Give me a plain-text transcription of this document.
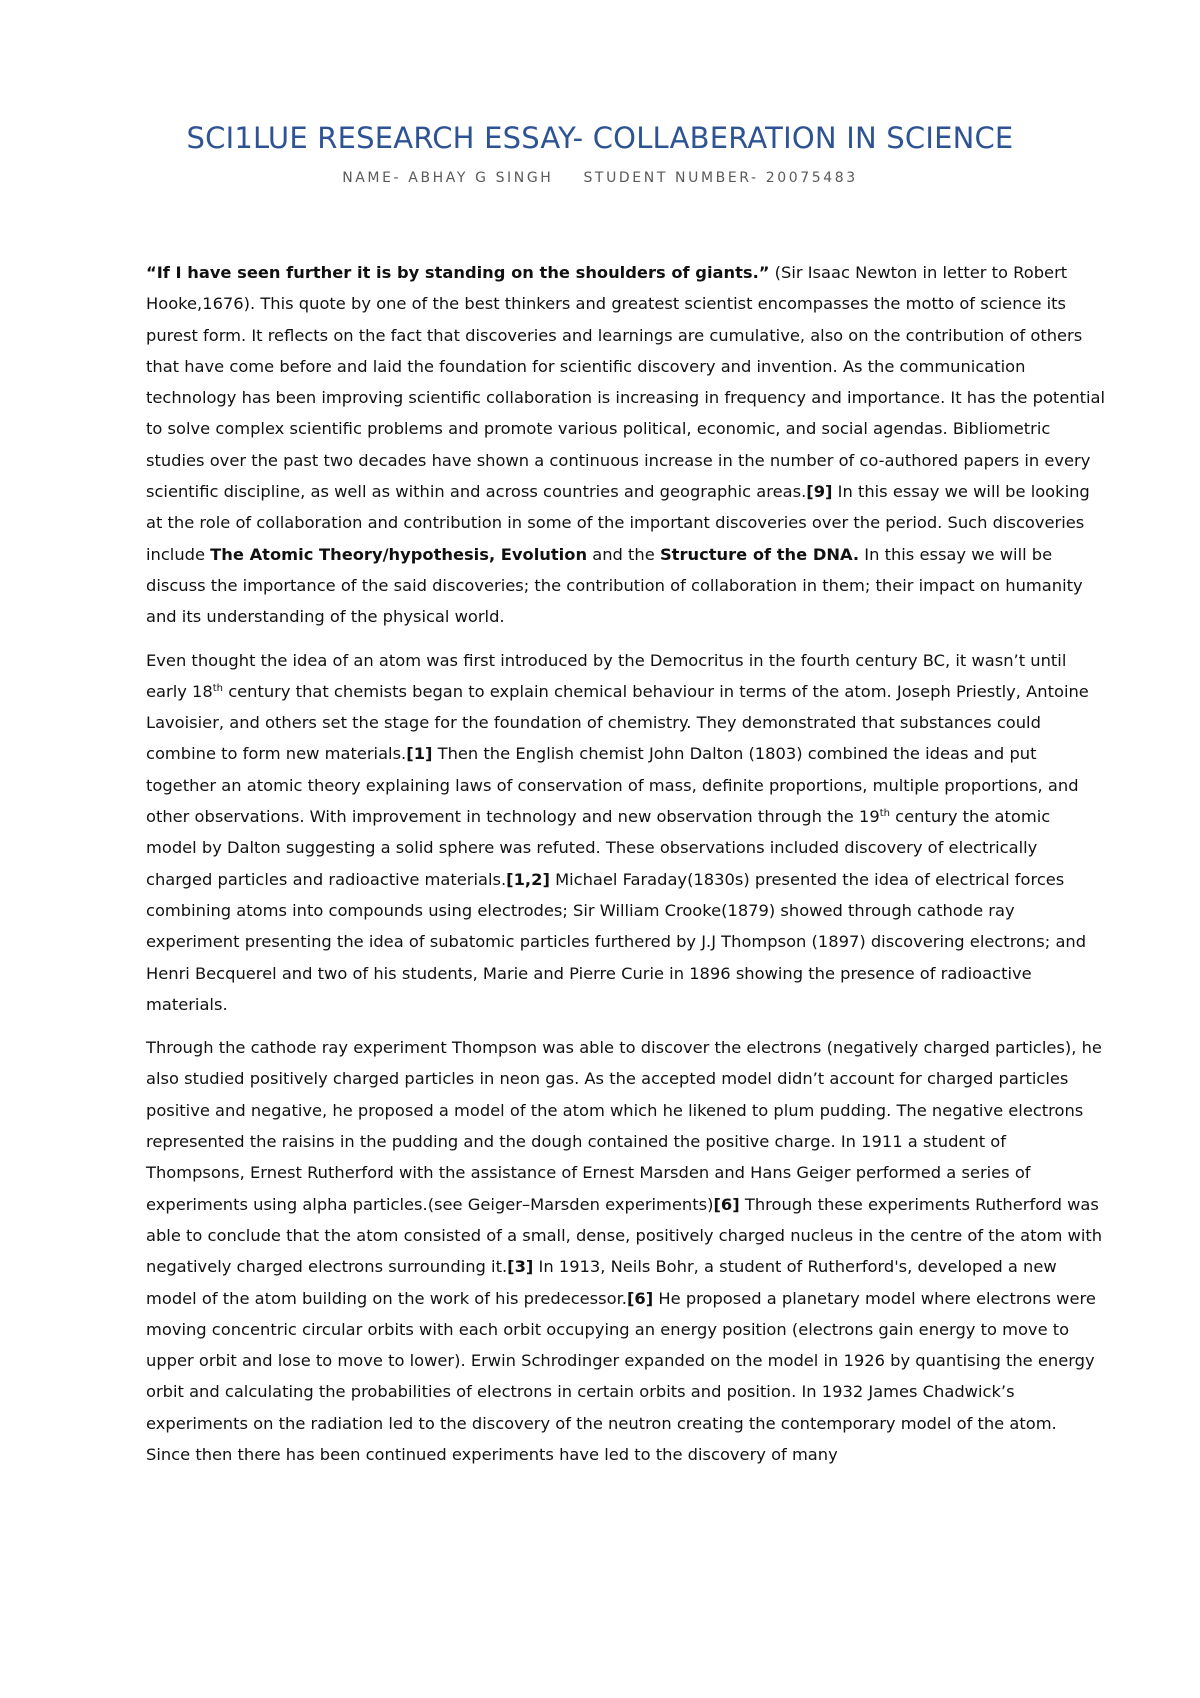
SCI1LUE RESEARCH ESSAY- COLLABERATION IN SCIENCE
NAME- ABHAY G SINGH STUDENT NUMBER- 20075483

“If I have seen further it is by standing on the shoulders of giants.” (Sir Isaac Newton in letter to Robert Hooke,1676). This quote by one of the best thinkers and greatest scientist encompasses the motto of science its purest form. It reflects on the fact that discoveries and learnings are cumulative, also on the contribution of others that have come before and laid the foundation for scientific discovery and invention. As the communication technology has been improving scientific collaboration is increasing in frequency and importance. It has the potential to solve complex scientific problems and promote various political, economic, and social agendas. Bibliometric studies over the past two decades have shown a continuous increase in the number of co-authored papers in every scientific discipline, as well as within and across countries and geographic areas.[9] In this essay we will be looking at the role of collaboration and contribution in some of the important discoveries over the period. Such discoveries include The Atomic Theory/hypothesis, Evolution and the Structure of the DNA. In this essay we will be discuss the importance of the said discoveries; the contribution of collaboration in them; their impact on humanity and its understanding of the physical world.

Even thought the idea of an atom was first introduced by the Democritus in the fourth century BC, it wasn’t until early 18th century that chemists began to explain chemical behaviour in terms of the atom. Joseph Priestly, Antoine Lavoisier, and others set the stage for the foundation of chemistry. They demonstrated that substances could combine to form new materials.[1] Then the English chemist John Dalton (1803) combined the ideas and put together an atomic theory explaining laws of conservation of mass, definite proportions, multiple proportions, and other observations. With improvement in technology and new observation through the 19th century the atomic model by Dalton suggesting a solid sphere was refuted. These observations included discovery of electrically charged particles and radioactive materials.[1,2] Michael Faraday(1830s) presented the idea of electrical forces combining atoms into compounds using electrodes; Sir William Crooke(1879) showed through cathode ray experiment presenting the idea of subatomic particles furthered by J.J Thompson (1897) discovering electrons; and Henri Becquerel and two of his students, Marie and Pierre Curie in 1896 showing the presence of radioactive materials.

Through the cathode ray experiment Thompson was able to discover the electrons (negatively charged particles), he also studied positively charged particles in neon gas. As the accepted model didn’t account for charged particles positive and negative, he proposed a model of the atom which he likened to plum pudding. The negative electrons represented the raisins in the pudding and the dough contained the positive charge. In 1911 a student of Thompsons, Ernest Rutherford with the assistance of Ernest Marsden and Hans Geiger performed a series of experiments using alpha particles.(see Geiger–Marsden experiments)[6] Through these experiments Rutherford was able to conclude that the atom consisted of a small, dense, positively charged nucleus in the centre of the atom with negatively charged electrons surrounding it.[3] In 1913, Neils Bohr, a student of Rutherford's, developed a new model of the atom building on the work of his predecessor.[6] He proposed a planetary model where electrons were moving concentric circular orbits with each orbit occupying an energy position (electrons gain energy to move to upper orbit and lose to move to lower). Erwin Schrodinger expanded on the model in 1926 by quantising the energy orbit and calculating the probabilities of electrons in certain orbits and position. In 1932 James Chadwick’s experiments on the radiation led to the discovery of the neutron creating the contemporary model of the atom. Since then there has been continued experiments have led to the discovery of many
